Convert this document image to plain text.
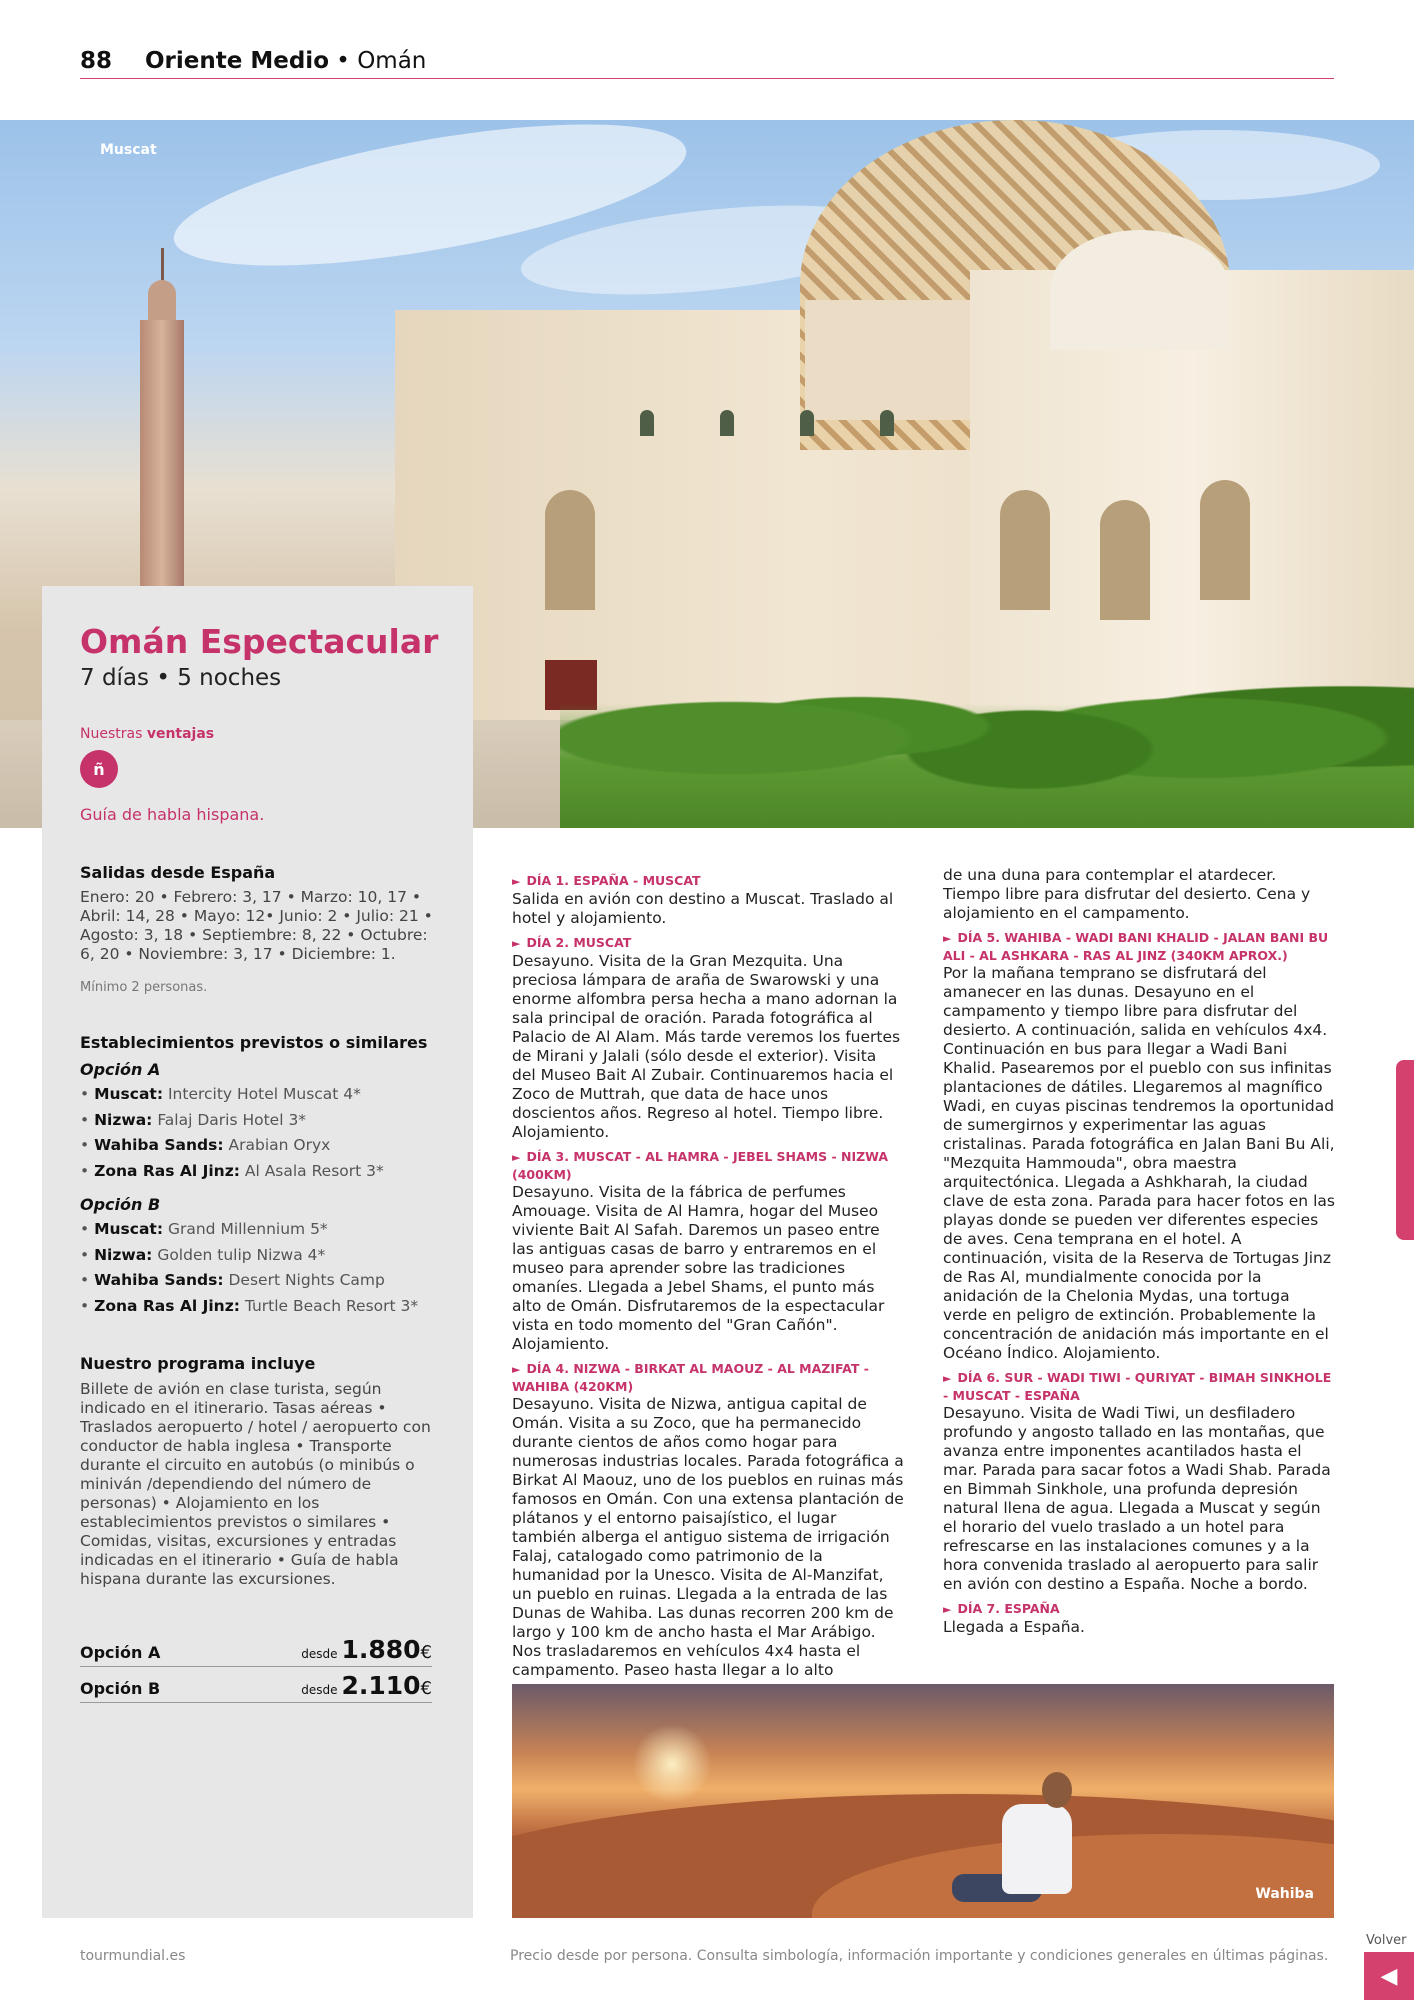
88 Oriente Medio • Omán
Muscat
Omán Espectacular
7 días • 5 noches
Nuestras ventajas
ñ
Guía de habla hispana.
Salidas desde España
Enero: 20 • Febrero: 3, 17 • Marzo: 10, 17 • Abril: 14, 28 • Mayo: 12• Junio: 2 • Julio: 21 • Agosto: 3, 18 • Septiembre: 8, 22 • Octubre: 6, 20 • Noviembre: 3, 17 • Diciembre: 1.
Mínimo 2 personas.
Establecimientos previstos o similares
Opción A
• Muscat: Intercity Hotel Muscat 4*
• Nizwa: Falaj Daris Hotel 3*
• Wahiba Sands: Arabian Oryx
• Zona Ras Al Jinz: Al Asala Resort 3*
Opción B
• Muscat: Grand Millennium 5*
• Nizwa: Golden tulip Nizwa 4*
• Wahiba Sands: Desert Nights Camp
• Zona Ras Al Jinz: Turtle Beach Resort 3*
Nuestro programa incluye
Billete de avión en clase turista, según indicado en el itinerario. Tasas aéreas • Traslados aeropuerto / hotel / aeropuerto con conductor de habla inglesa • Transporte durante el circuito en autobús (o minibús o miniván /dependiendo del número de personas) • Alojamiento en los establecimientos previstos o similares • Comidas, visitas, excursiones y entradas indicadas en el itinerario • Guía de habla hispana durante las excursiones.
Opción A	desde 1.880€
Opción B	desde 2.110€
► DÍA 1. ESPAÑA - MUSCAT
Salida en avión con destino a Muscat. Traslado al hotel y alojamiento.
► DÍA 2. MUSCAT
Desayuno. Visita de la Gran Mezquita. Una preciosa lámpara de araña de Swarowski y una enorme alfombra persa hecha a mano adornan la sala principal de oración. Parada fotográfica al Palacio de Al Alam. Más tarde veremos los fuertes de Mirani y Jalali (sólo desde el exterior). Visita del Museo Bait Al Zubair. Continuaremos hacia el Zoco de Muttrah, que data de hace unos doscientos años. Regreso al hotel. Tiempo libre. Alojamiento.
► DÍA 3. MUSCAT - AL HAMRA - JEBEL SHAMS - NIZWA (400KM)
Desayuno. Visita de la fábrica de perfumes Amouage. Visita de Al Hamra, hogar del Museo viviente Bait Al Safah. Daremos un paseo entre las antiguas casas de barro y entraremos en el museo para aprender sobre las tradiciones omaníes. Llegada a Jebel Shams, el punto más alto de Omán. Disfrutaremos de la espectacular vista en todo momento del "Gran Cañón". Alojamiento.
► DÍA 4. NIZWA - BIRKAT AL MAOUZ - AL MAZIFAT - WAHIBA (420KM)
Desayuno. Visita de Nizwa, antigua capital de Omán. Visita a su Zoco, que ha permanecido durante cientos de años como hogar para numerosas industrias locales. Parada fotográfica a Birkat Al Maouz, uno de los pueblos en ruinas más famosos en Omán. Con una extensa plantación de plátanos y el entorno paisajístico, el lugar también alberga el antiguo sistema de irrigación Falaj, catalogado como patrimonio de la humanidad por la Unesco. Visita de Al-Manzifat, un pueblo en ruinas. Llegada a la entrada de las Dunas de Wahiba. Las dunas recorren 200 km de largo y 100 km de ancho hasta el Mar Arábigo. Nos trasladaremos en vehículos 4x4 hasta el campamento. Paseo hasta llegar a lo alto
de una duna para contemplar el atardecer. Tiempo libre para disfrutar del desierto. Cena y alojamiento en el campamento.
► DÍA 5. WAHIBA - WADI BANI KHALID - JALAN BANI BU ALI - AL ASHKARA - RAS AL JINZ (340KM APROX.)
Por la mañana temprano se disfrutará del amanecer en las dunas. Desayuno en el campamento y tiempo libre para disfrutar del desierto. A continuación, salida en vehículos 4x4. Continuación en bus para llegar a Wadi Bani Khalid. Pasearemos por el pueblo con sus infinitas plantaciones de dátiles. Llegaremos al magnífico Wadi, en cuyas piscinas tendremos la oportunidad de sumergirnos y experimentar las aguas cristalinas. Parada fotográfica en Jalan Bani Bu Ali, "Mezquita Hammouda", obra maestra arquitectónica. Llegada a Ashkharah, la ciudad clave de esta zona. Parada para hacer fotos en las playas donde se pueden ver diferentes especies de aves. Cena temprana en el hotel. A continuación, visita de la Reserva de Tortugas Jinz de Ras Al, mundialmente conocida por la anidación de la Chelonia Mydas, una tortuga verde en peligro de extinción. Probablemente la concentración de anidación más importante en el Océano Índico. Alojamiento.
► DÍA 6. SUR - WADI TIWI - QURIYAT - BIMAH SINKHOLE - MUSCAT - ESPAÑA
Desayuno. Visita de Wadi Tiwi, un desfiladero profundo y angosto tallado en las montañas, que avanza entre imponentes acantilados hasta el mar. Parada para sacar fotos a Wadi Shab. Parada en Bimmah Sinkhole, una profunda depresión natural llena de agua. Llegada a Muscat y según el horario del vuelo traslado a un hotel para refrescarse en las instalaciones comunes y a la hora convenida traslado al aeropuerto para salir en avión con destino a España. Noche a bordo.
► DÍA 7. ESPAÑA
Llegada a España.
Wahiba
tourmundial.es	Precio desde por persona. Consulta simbología, información importante y condiciones generales en últimas páginas.
Volver
◀
